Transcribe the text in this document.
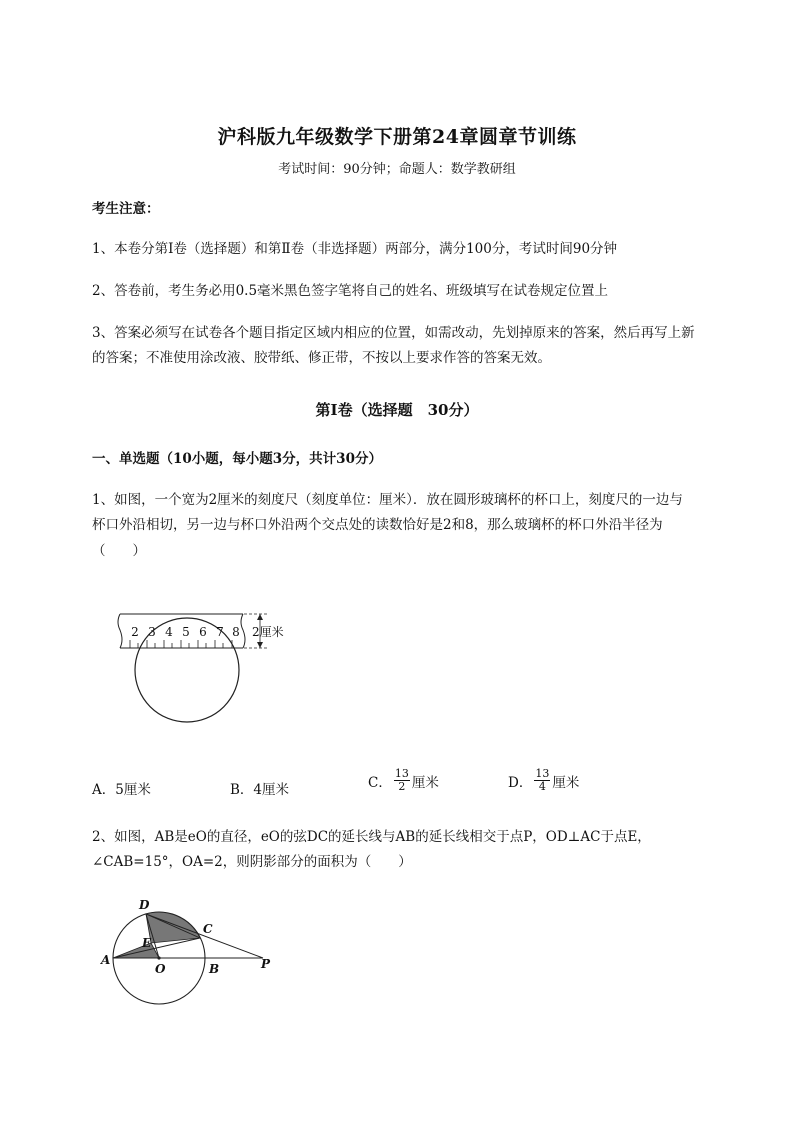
沪科版九年级数学下册第24章圆章节训练
考试时间：90分钟；命题人：数学教研组
考生注意：
1、本卷分第I卷（选择题）和第Ⅱ卷（非选择题）两部分，满分100分，考试时间90分钟
2、答卷前，考生务必用0.5毫米黑色签字笔将自己的姓名、班级填写在试卷规定位置上
3、答案必须写在试卷各个题目指定区域内相应的位置，如需改动，先划掉原来的答案，然后再写上新
的答案；不准使用涂改液、胶带纸、修正带，不按以上要求作答的答案无效。
第I卷（选择题　30分）
一、单选题（10小题，每小题3分，共计30分）
1、如图，一个宽为2厘米的刻度尺（刻度单位：厘米）．放在圆形玻璃杯的杯口上，刻度尺的一边与
杯口外沿相切，另一边与杯口外沿两个交点处的读数恰好是2和8，那么玻璃杯的杯口外沿半径为
（　　）
2 3 4 5 6 7 8 2厘米
A．5厘米	B．4厘米	C． $\frac{13}{2}$ 厘米	D． $\frac{13}{4}$ 厘米
2、如图，AB是eO的直径，eO的弦DC的延长线与AB的延长线相交于点P，OD⊥AC于点E，
∠CAB=15°，OA=2，则阴影部分的面积为（　　）
D
C
E
A
O	B	P
